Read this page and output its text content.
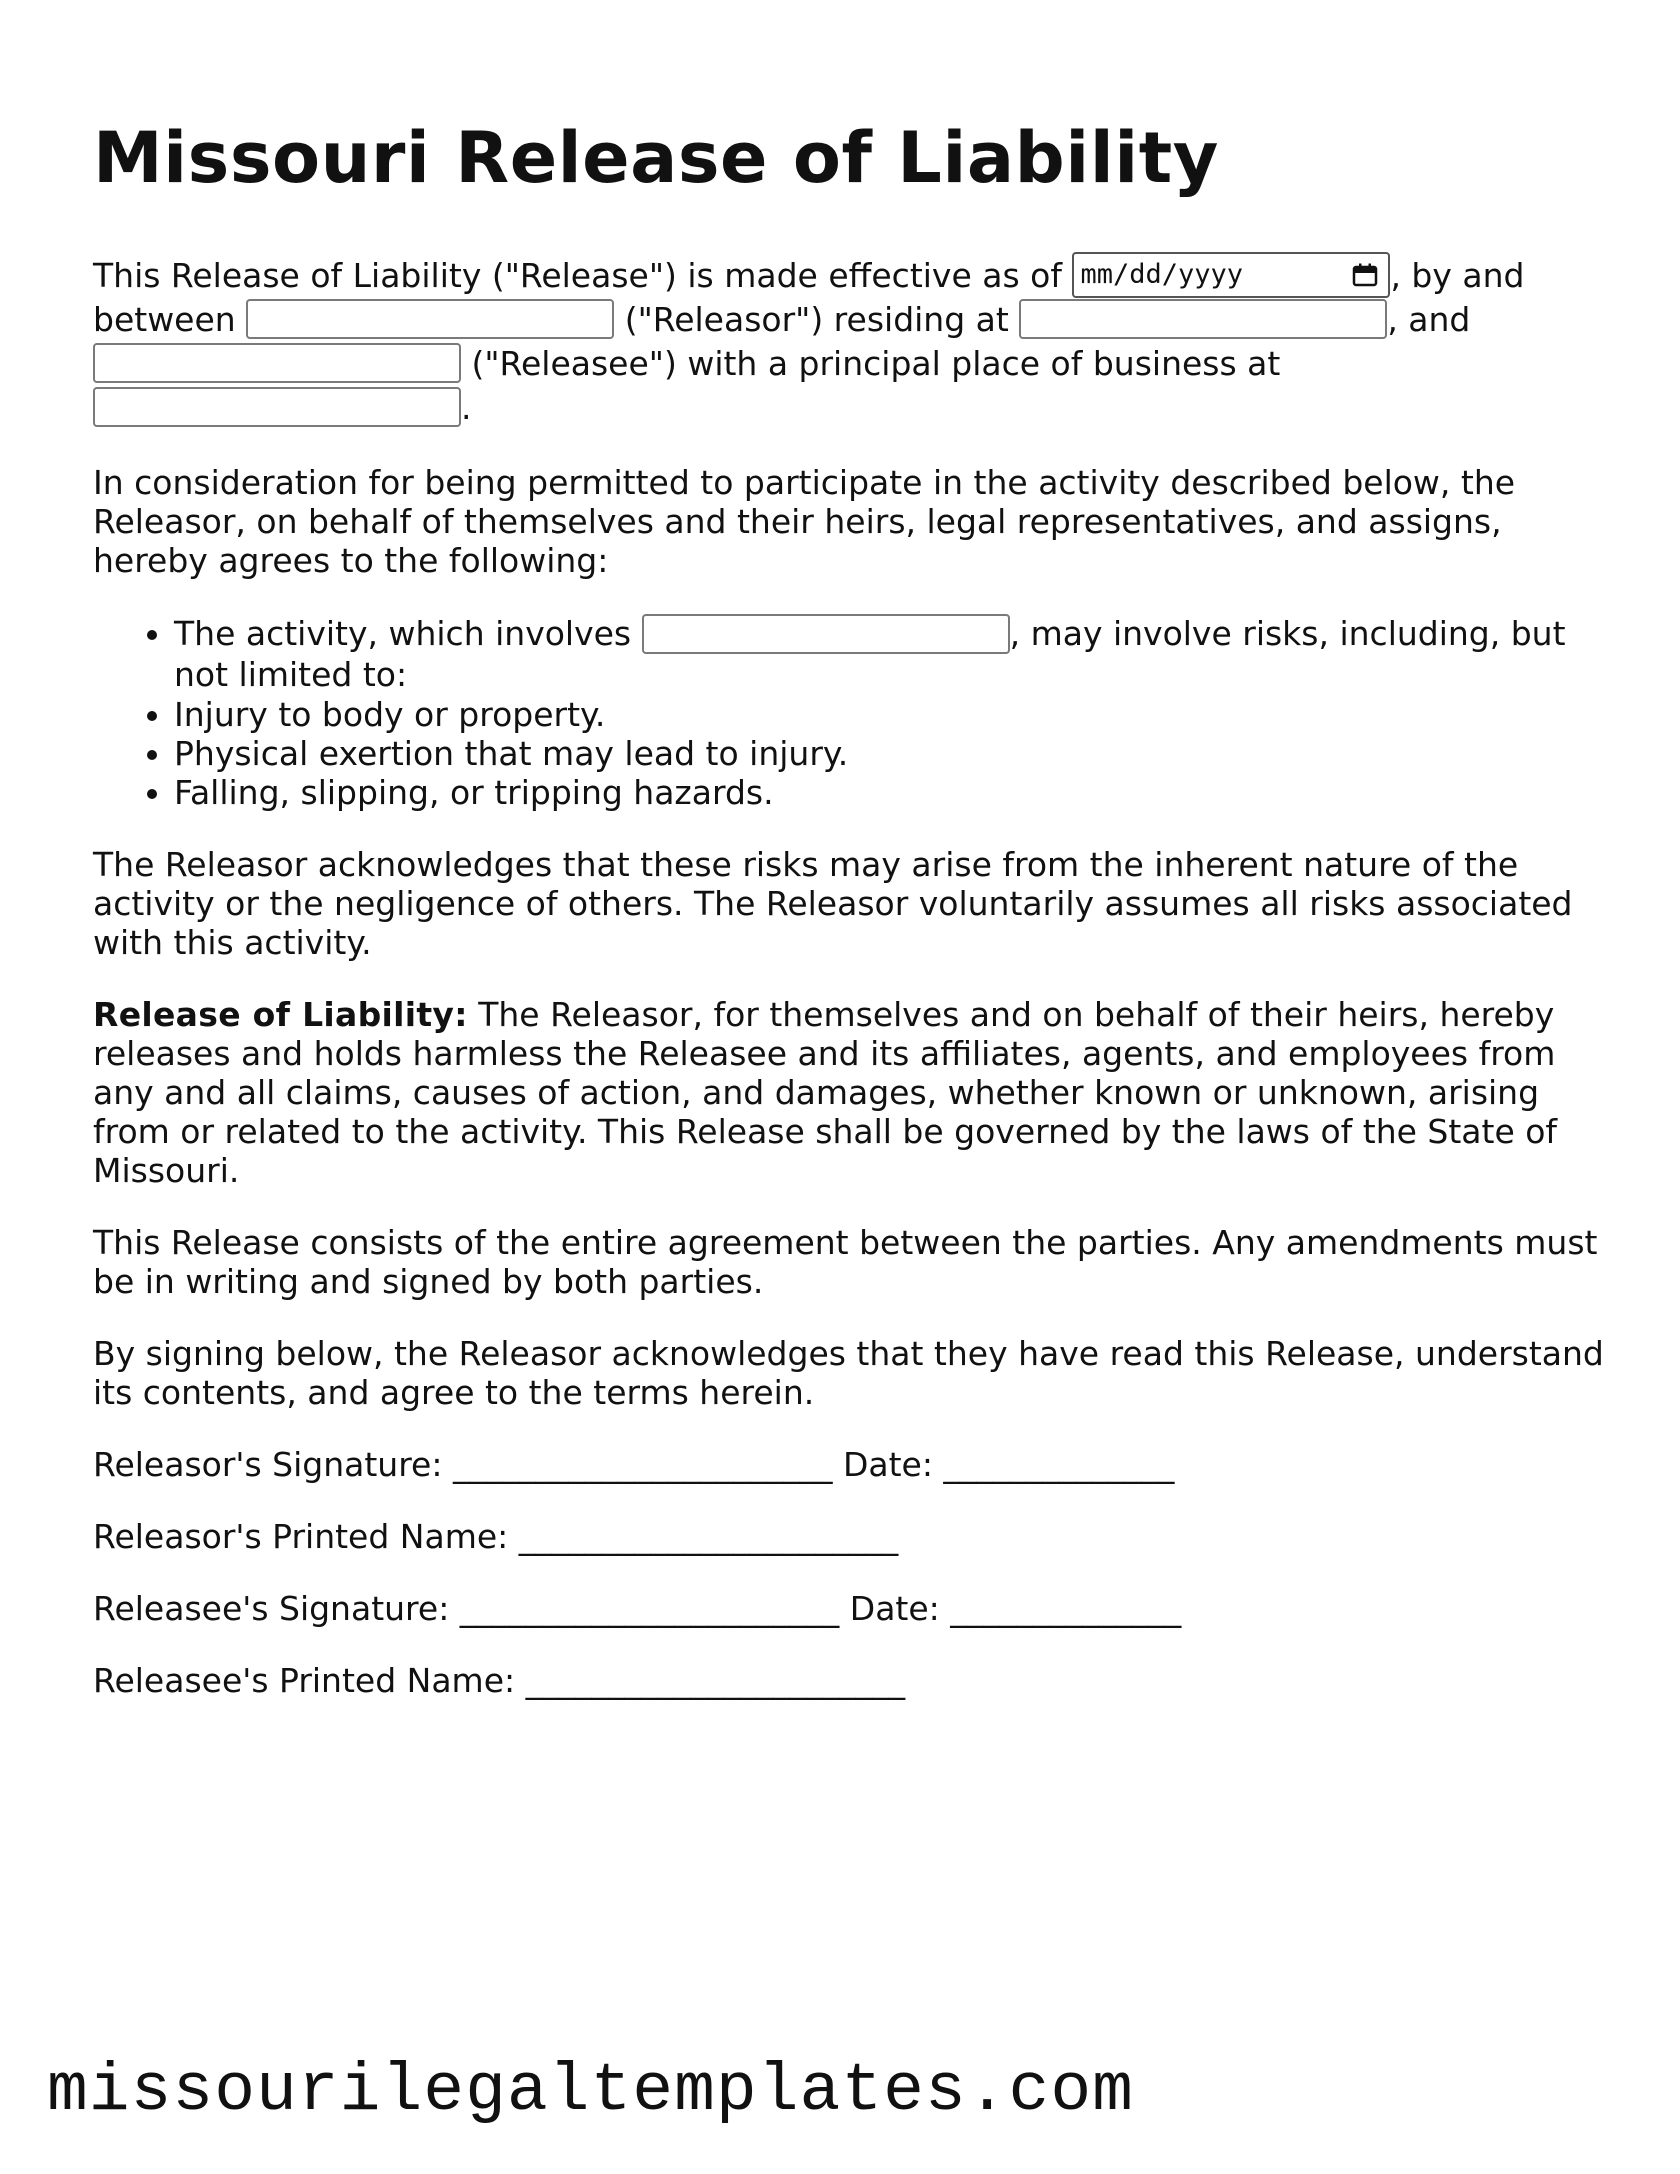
Missouri Release of Liability

This Release of Liability ("Release") is made effective as of mm/dd/yyyy	, by and between	("Releasor") residing at	, and  ("Releasee") with a principal place of business at .

In consideration for being permitted to participate in the activity described below, the Releasor, on behalf of themselves and their heirs, legal representatives, and assigns, hereby agrees to the following:

• The activity, which involves	, may involve risks, including, but not limited to:
• Injury to body or property.
• Physical exertion that may lead to injury.
• Falling, slipping, or tripping hazards.

The Releasor acknowledges that these risks may arise from the inherent nature of the activity or the negligence of others. The Releasor voluntarily assumes all risks associated with this activity.

Release of Liability: The Releasor, for themselves and on behalf of their heirs, hereby releases and holds harmless the Releasee and its affiliates, agents, and employees from any and all claims, causes of action, and damages, whether known or unknown, arising from or related to the activity. This Release shall be governed by the laws of the State of Missouri.

This Release consists of the entire agreement between the parties. Any amendments must be in writing and signed by both parties.

By signing below, the Releasor acknowledges that they have read this Release, understand its contents, and agree to the terms herein.

Releasor's Signature: _______________________ Date: ______________

Releasor's Printed Name: _______________________

Releasee's Signature: _______________________ Date: ______________

Releasee's Printed Name: _______________________

missourilegaltemplates.com
